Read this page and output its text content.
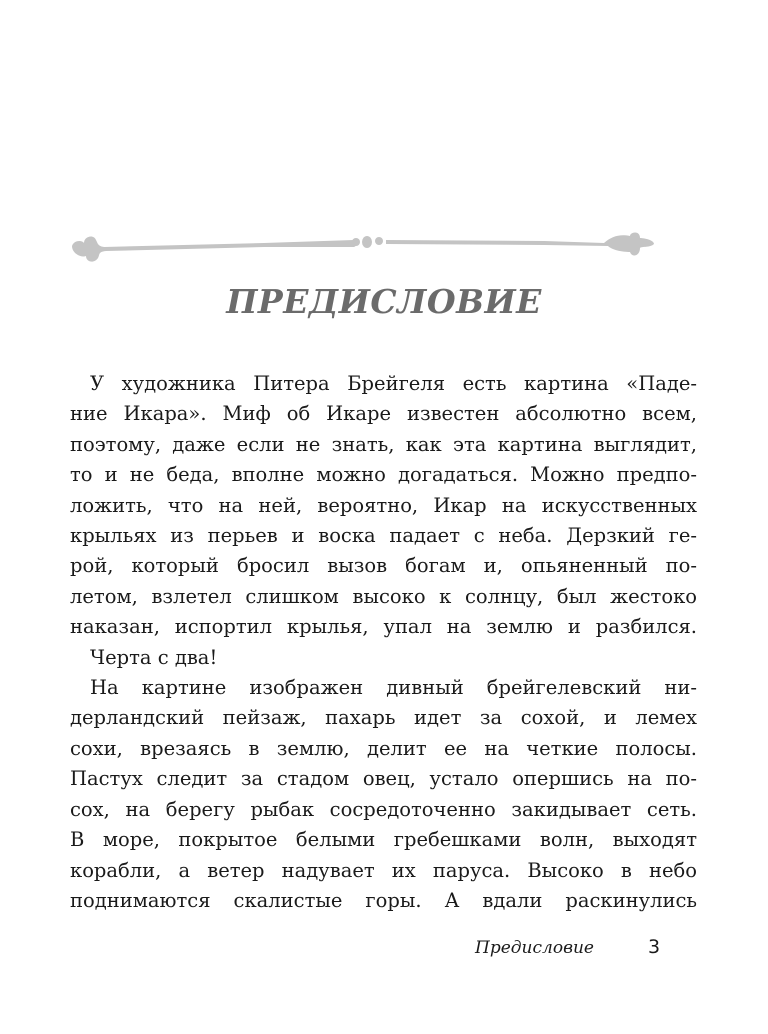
ПРЕДИСЛОВИЕ
У художника Питера Брейгеля есть картина «Паде-
ние Икара». Миф об Икаре известен абсолютно всем,
поэтому, даже если не знать, как эта картина выглядит,
то и не беда, вполне можно догадаться. Можно предпо-
ложить, что на ней, вероятно, Икар на искусственных
крыльях из перьев и воска падает с неба. Дерзкий ге-
рой, который бросил вызов богам и, опьяненный по-
летом, взлетел слишком высоко к солнцу, был жестоко
наказан, испортил крылья, упал на землю и разбился.
Черта с два!
На картине изображен дивный брейгелевский ни-
дерландский пейзаж, пахарь идет за сохой, и лемех
сохи, врезаясь в землю, делит ее на четкие полосы.
Пастух следит за стадом овец, устало опершись на по-
сох, на берегу рыбак сосредоточенно закидывает сеть.
В море, покрытое белыми гребешками волн, выходят
корабли, а ветер надувает их паруса. Высоко в небо
поднимаются скалистые горы. А вдали раскинулись
Предисловие	3
